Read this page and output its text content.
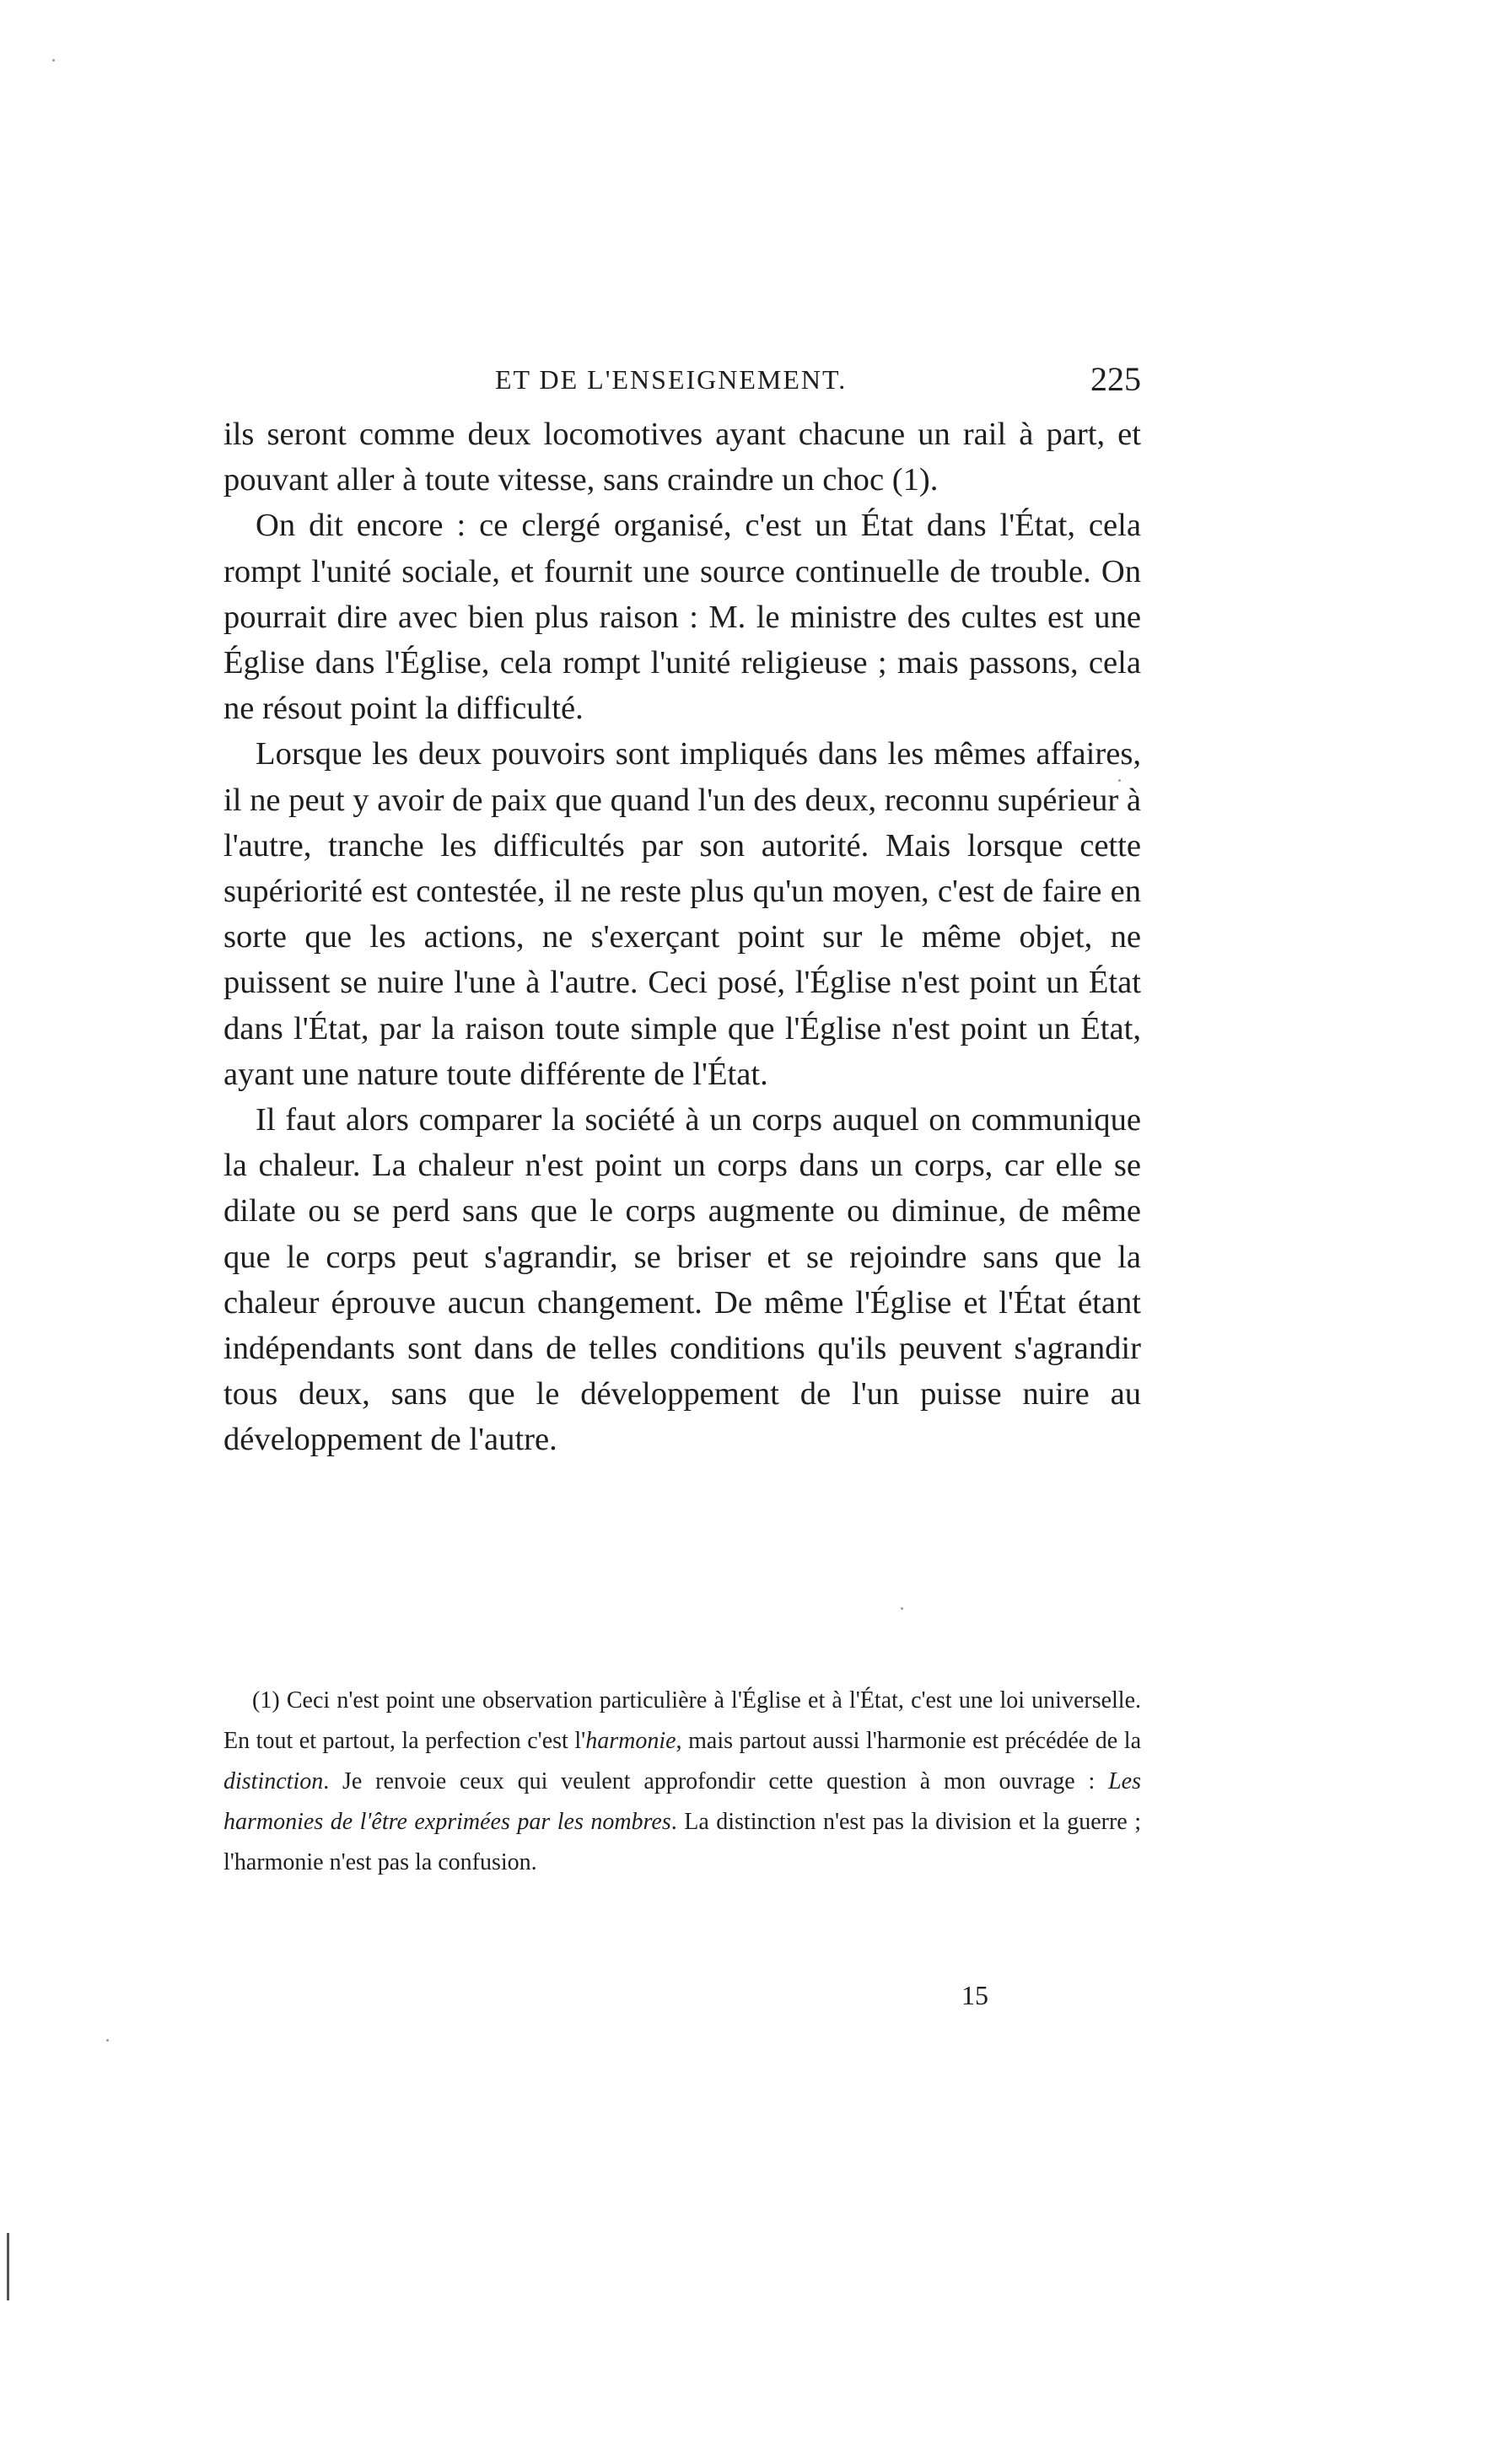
ET DE L'ENSEIGNEMENT.	225

ils seront comme deux locomotives ayant chacune un rail à part, et pouvant aller à toute vitesse, sans craindre un choc (1).

On dit encore : ce clergé organisé, c'est un État dans l'État, cela rompt l'unité sociale, et fournit une source continuelle de trouble. On pourrait dire avec bien plus raison : M. le ministre des cultes est une Église dans l'Église, cela rompt l'unité religieuse ; mais passons, cela ne résout point la difficulté.

Lorsque les deux pouvoirs sont impliqués dans les mêmes affaires, il ne peut y avoir de paix que quand l'un des deux, reconnu supérieur à l'autre, tranche les difficultés par son autorité. Mais lorsque cette supériorité est contestée, il ne reste plus qu'un moyen, c'est de faire en sorte que les actions, ne s'exerçant point sur le même objet, ne puissent se nuire l'une à l'autre. Ceci posé, l'Église n'est point un État dans l'État, par la raison toute simple que l'Église n'est point un État, ayant une nature toute différente de l'État.

Il faut alors comparer la société à un corps auquel on communique la chaleur. La chaleur n'est point un corps dans un corps, car elle se dilate ou se perd sans que le corps augmente ou diminue, de même que le corps peut s'agrandir, se briser et se rejoindre sans que la chaleur éprouve aucun changement. De même l'Église et l'État étant indépendants sont dans de telles conditions qu'ils peuvent s'agrandir tous deux, sans que le développement de l'un puisse nuire au développement de l'autre.

(1) Ceci n'est point une observation particulière à l'Église et à l'État, c'est une loi universelle. En tout et partout, la perfection c'est l'harmonie, mais partout aussi l'harmonie est précédée de la distinction. Je renvoie ceux qui veulent approfondir cette question à mon ouvrage : Les harmonies de l'être exprimées par les nombres. La distinction n'est pas la division et la guerre ; l'harmonie n'est pas la confusion.

15
